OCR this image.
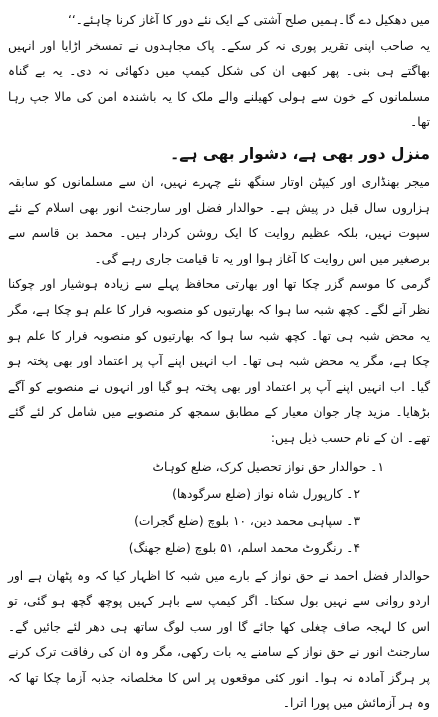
میں دھکیل دے گا۔ہمیں صلح آشتی کے ایک نئے دور کا آغاز کرنا چاہئے۔‘‘

یہ صاحب اپنی تقریر پوری نہ کر سکے۔ پاک مجاہدوں نے تمسخر اڑایا اور انہیں بھاگتے ہی بنی۔ پھر کبھی ان کی شکل کیمپ میں دکھائی نہ دی۔ یہ بے گناہ مسلمانوں کے خون سے ہولی کھیلنے والے ملک کا یہ باشندہ امن کی مالا جپ رہا تھا۔

منزل دور بھی ہے، دشوار بھی ہے۔

میجر بھنڈاری اور کیپٹن اوتار سنگھ نئے چہرے نہیں، ان سے مسلمانوں کو سابقہ ہزاروں سال قبل در پیش ہے۔ حوالدار فضل اور سارجنٹ انور بھی اسلام کے نئے سپوت نہیں، بلکہ عظیم روایت کا ایک روشن کردار ہیں۔ محمد بن قاسم سے برصغیر میں اس روایت کا آغاز ہوا اور یہ تا قیامت جاری رہے گی۔

گرمی کا موسم گزر چکا تھا اور بھارتی محافظ پہلے سے زیادہ ہوشیار اور چوکنا نظر آنے لگے۔ کچھ شبہ سا ہوا کہ بھارتیوں کو منصوبہ فرار کا علم ہو چکا ہے، مگر یہ محض شبہ ہی تھا۔ کچھ شبہ سا ہوا کہ بھارتیوں کو منصوبہ فرار کا علم ہو چکا ہے، مگر یہ محض شبہ ہی تھا۔ اب انہیں اپنے آپ پر اعتماد اور بھی پختہ ہو گیا۔ اب انہیں اپنے آپ پر اعتماد اور بھی پختہ ہو گیا اور انہوں نے منصوبے کو آگے بڑھایا۔ مزید چار جوان معیار کے مطابق سمجھ کر منصوبے میں شامل کر لئے گئے تھے۔ ان کے نام حسب ذیل ہیں:

۱۔ حوالدار حق نواز تحصیل کرک، ضلع کوہاٹ
۲۔ کارپورل شاہ نواز (ضلع سرگودھا)
۳۔ سپاہی محمد دین، ۱۰ بلوچ (ضلع گجرات)
۴۔ رنگروٹ محمد اسلم، ۵۱ بلوچ (ضلع جھنگ)

حوالدار فضل احمد نے حق نواز کے بارے میں شبہ کا اظہار کیا کہ وہ پٹھان ہے اور اردو روانی سے نہیں بول سکتا۔ اگر کیمپ سے باہر کہیں پوچھ گچھ ہو گئی، تو اس کا لہجہ صاف چغلی کھا جائے گا اور سب لوگ ساتھ ہی دھر لئے جائیں گے۔ سارجنٹ انور نے حق نواز کے سامنے یہ بات رکھی، مگر وہ ان کی رفاقت ترک کرنے پر ہرگز آمادہ نہ ہوا۔ انور کئی موقعوں پر اس کا مخلصانہ جذبہ آزما چکا تھا کہ وہ ہر آزمائش میں پورا اترا۔
